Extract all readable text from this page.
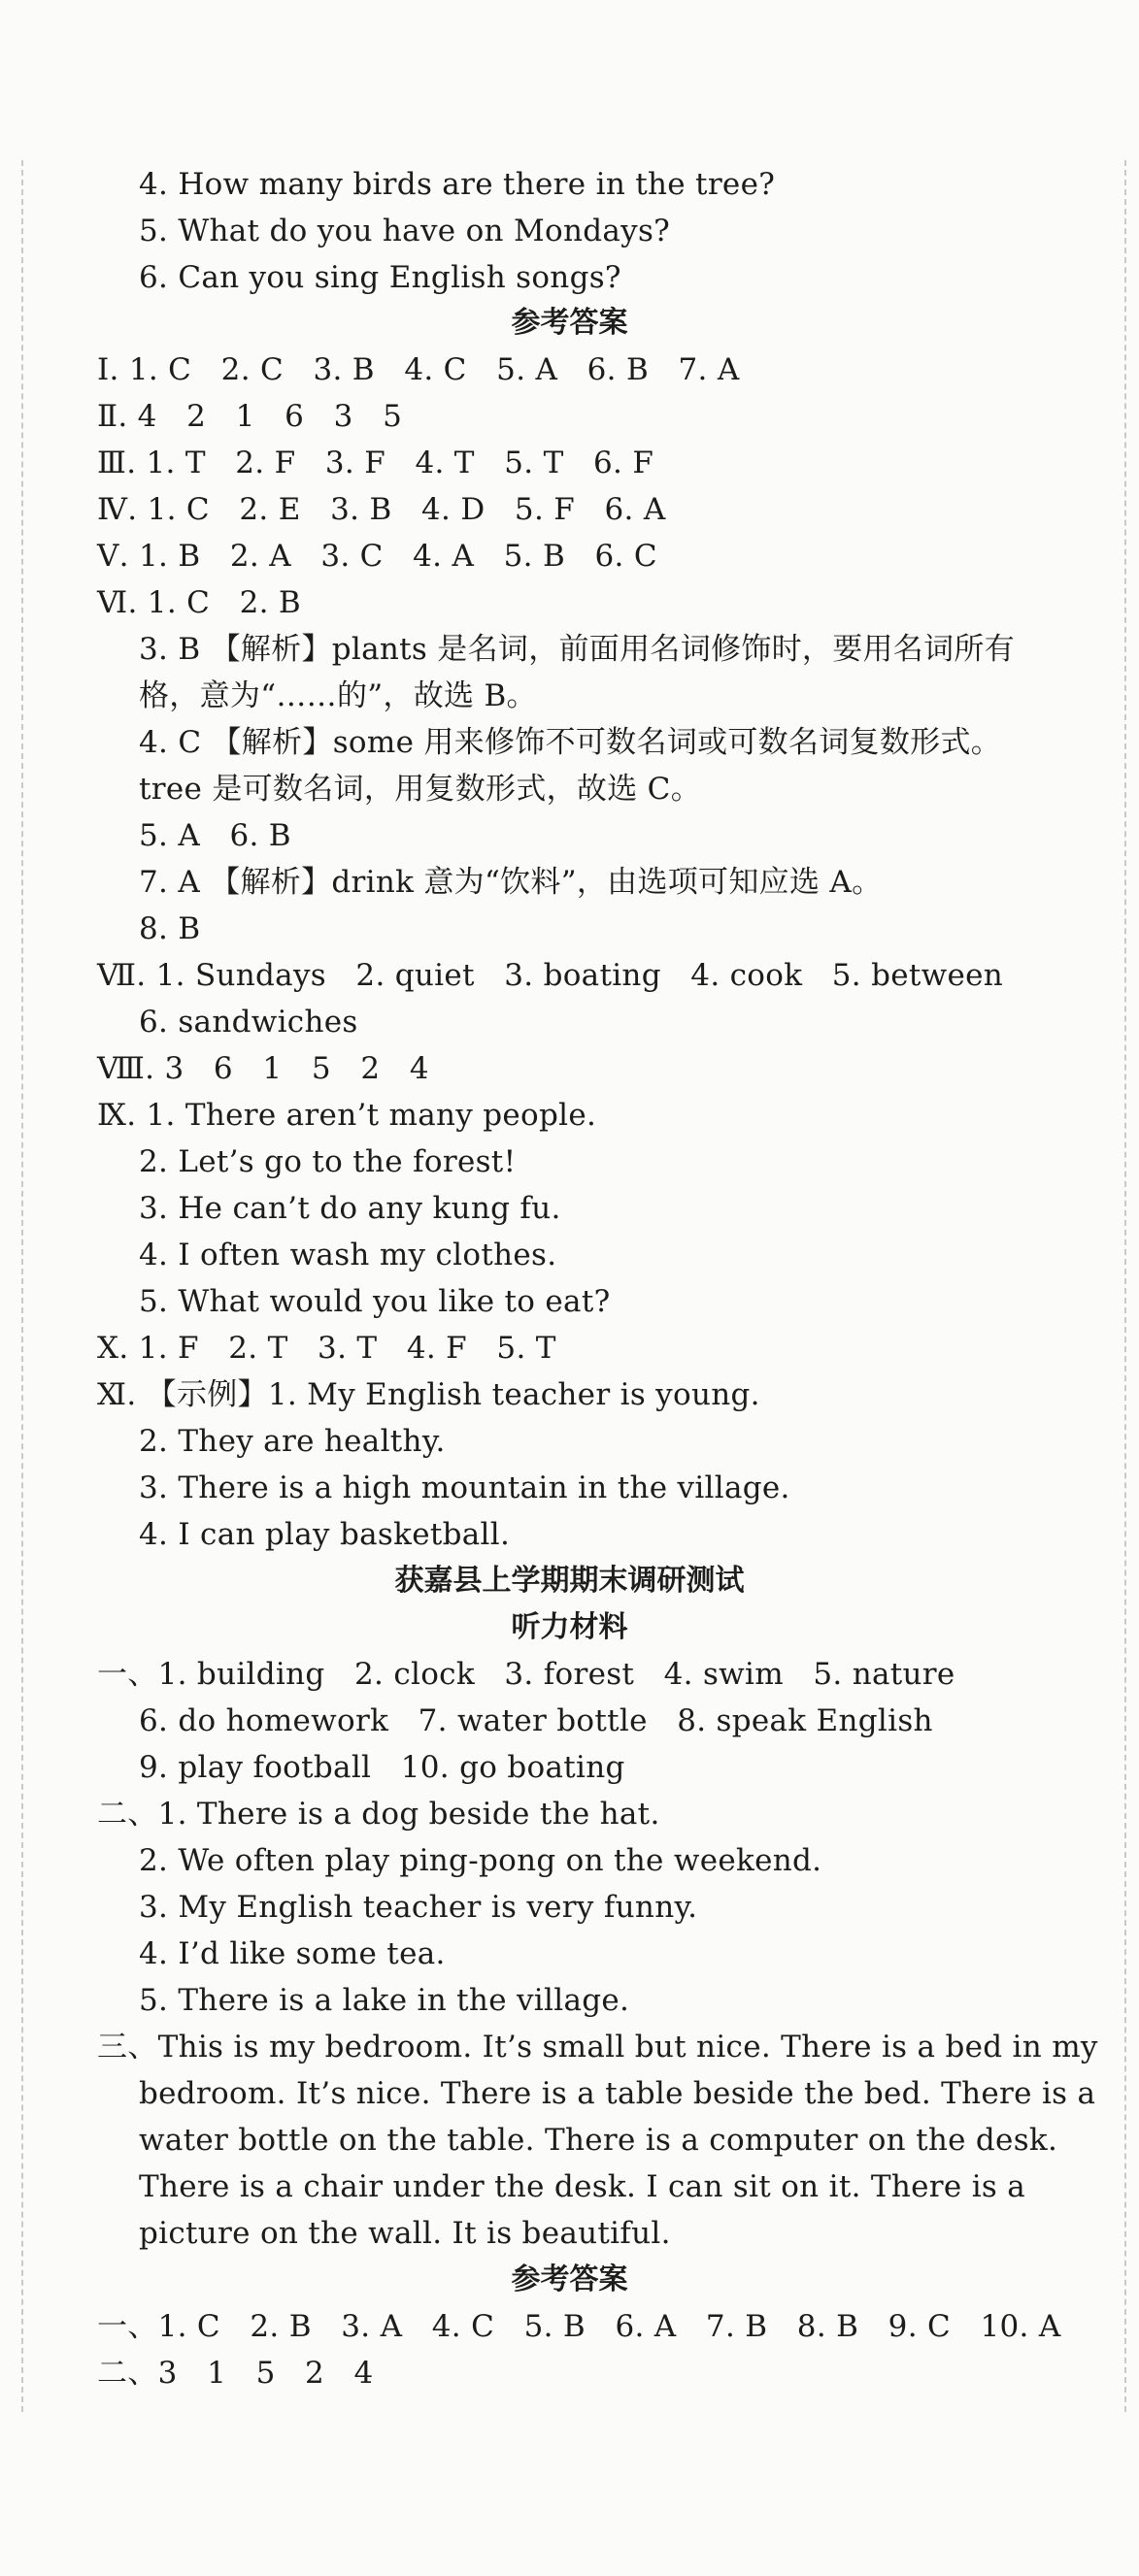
参考答案
获嘉县上学期期末调研测试
听力材料
参考答案
4. How many birds are there in the tree?
5. What do you have on Mondays?
6. Can you sing English songs?
Ⅰ. 1. C   2. C   3. B   4. C   5. A   6. B   7. A
Ⅱ. 4   2   1   6   3   5
Ⅲ. 1. T   2. F   3. F   4. T   5. T   6. F
Ⅳ. 1. C   2. E   3. B   4. D   5. F   6. A
Ⅴ. 1. B   2. A   3. C   4. A   5. B   6. C
Ⅵ. 1. C   2. B
3. B 【解析】plants 是名词，前面用名词修饰时，要用名词所有
格，意为“……的”，故选 B。
4. C 【解析】some 用来修饰不可数名词或可数名词复数形式。
tree 是可数名词，用复数形式，故选 C。
5. A   6. B
7. A 【解析】drink 意为“饮料”，由选项可知应选 A。
8. B
Ⅶ. 1. Sundays   2. quiet   3. boating   4. cook   5. between
6. sandwiches
Ⅷ. 3   6   1   5   2   4
Ⅸ. 1. There aren’t many people.
2. Let’s go to the forest!
3. He can’t do any kung fu.
4. I often wash my clothes.
5. What would you like to eat?
Ⅹ. 1. F   2. T   3. T   4. F   5. T
Ⅺ. 【示例】1. My English teacher is young.
2. They are healthy.
3. There is a high mountain in the village.
4. I can play basketball.
一、1. building   2. clock   3. forest   4. swim   5. nature
6. do homework   7. water bottle   8. speak English
9. play football   10. go boating
二、1. There is a dog beside the hat.
2. We often play ping-pong on the weekend.
3. My English teacher is very funny.
4. I’d like some tea.
5. There is a lake in the village.
三、This is my bedroom. It’s small but nice. There is a bed in my
bedroom. It’s nice. There is a table beside the bed. There is a
water bottle on the table. There is a computer on the desk.
There is a chair under the desk. I can sit on it. There is a
picture on the wall. It is beautiful.
一、1. C   2. B   3. A   4. C   5. B   6. A   7. B   8. B   9. C   10. A
二、3   1   5   2   4
